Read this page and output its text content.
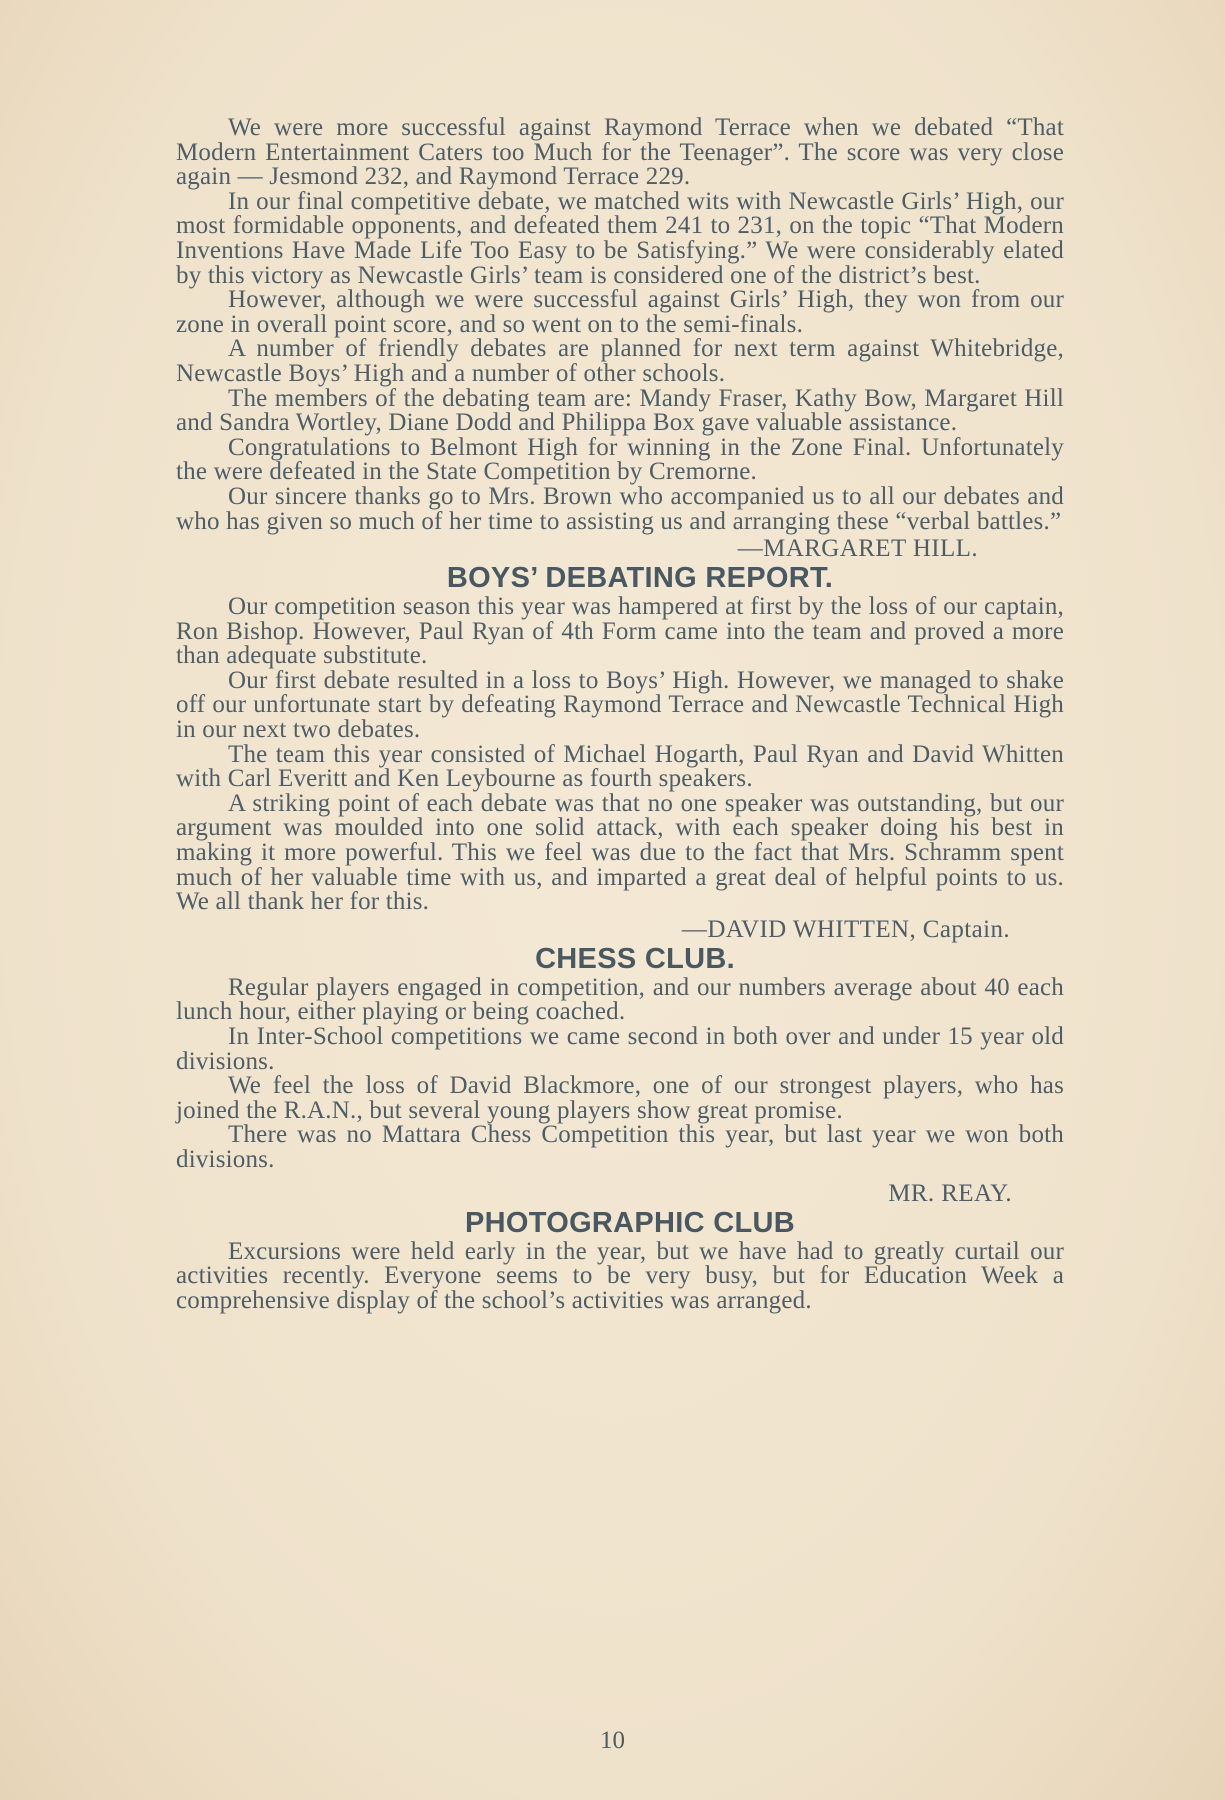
We were more successful against Raymond Terrace when we debated “That Modern Entertainment Caters too Much for the Teenager”. The score was very close again — Jesmond 232, and Raymond Terrace 229.

In our final competitive debate, we matched wits with Newcastle Girls’ High, our most formidable opponents, and defeated them 241 to 231, on the topic “That Modern Inventions Have Made Life Too Easy to be Satisfying.” We were considerably elated by this victory as Newcastle Girls’ team is considered one of the district’s best.

However, although we were successful against Girls’ High, they won from our zone in overall point score, and so went on to the semi-finals.

A number of friendly debates are planned for next term against Whitebridge, Newcastle Boys’ High and a number of other schools.

The members of the debating team are: Mandy Fraser, Kathy Bow, Margaret Hill and Sandra Wortley, Diane Dodd and Philippa Box gave valuable assistance.

Congratulations to Belmont High for winning in the Zone Final. Unfortunately the were defeated in the State Competition by Cremorne.

Our sincere thanks go to Mrs. Brown who accompanied us to all our debates and who has given so much of her time to assisting us and arranging these “verbal battles.”

—MARGARET HILL.
BOYS’ DEBATING REPORT.

Our competition season this year was hampered at first by the loss of our captain, Ron Bishop. However, Paul Ryan of 4th Form came into the team and proved a more than adequate substitute.

Our first debate resulted in a loss to Boys’ High. However, we managed to shake off our unfortunate start by defeating Raymond Terrace and Newcastle Technical High in our next two debates.

The team this year consisted of Michael Hogarth, Paul Ryan and David Whitten with Carl Everitt and Ken Leybourne as fourth speakers.

A striking point of each debate was that no one speaker was outstanding, but our argument was moulded into one solid attack, with each speaker doing his best in making it more powerful. This we feel was due to the fact that Mrs. Schramm spent much of her valuable time with us, and imparted a great deal of helpful points to us. We all thank her for this.

—DAVID WHITTEN, Captain.
CHESS CLUB.

Regular players engaged in competition, and our numbers average about 40 each lunch hour, either playing or being coached.

In Inter-School competitions we came second in both over and under 15 year old divisions.

We feel the loss of David Blackmore, one of our strongest players, who has joined the R.A.N., but several young players show great promise.

There was no Mattara Chess Competition this year, but last year we won both divisions.

MR. REAY.
PHOTOGRAPHIC CLUB

Excursions were held early in the year, but we have had to greatly curtail our activities recently. Everyone seems to be very busy, but for Education Week a comprehensive display of the school’s activities was arranged.

10
